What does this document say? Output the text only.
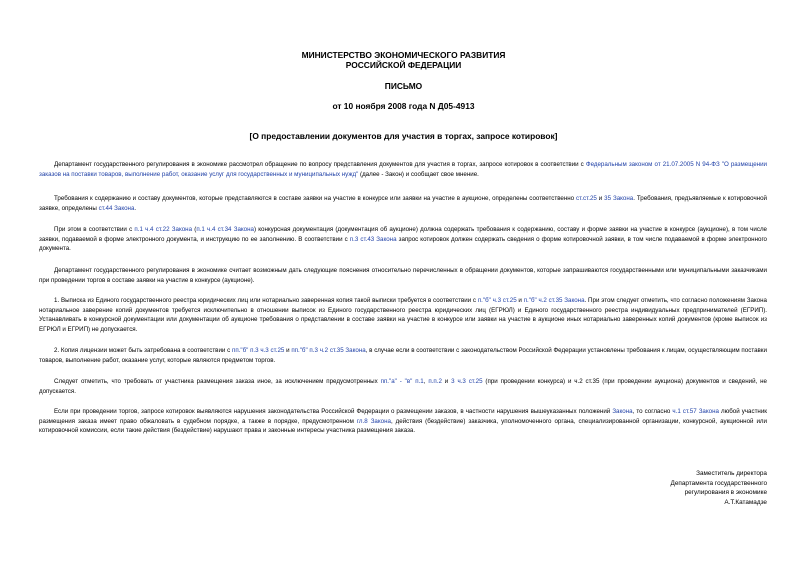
МИНИСТЕРСТВО ЭКОНОМИЧЕСКОГО РАЗВИТИЯ
РОССИЙСКОЙ ФЕДЕРАЦИИ
ПИСЬМО
от 10 ноября 2008 года N Д05-4913
[О предоставлении документов для участия в торгах, запросе котировок]
Департамент государственного регулирования в экономике рассмотрел обращение по вопросу представления документов для участия в торгах, запросе котировок в соответствии с Федеральным законом от 21.07.2005 N 94-ФЗ "О размещении заказов на поставки товаров, выполнение работ, оказание услуг для государственных и муниципальных нужд" (далее - Закон) и сообщает свое мнение.
Требования к содержанию и составу документов, которые представляются в составе заявки на участие в конкурсе или заявки на участие в аукционе, определены соответственно ст.ст.25 и 35 Закона. Требования, предъявляемые к котировочной заявке, определены ст.44 Закона.
При этом в соответствии с п.1 ч.4 ст.22 Закона (п.1 ч.4 ст.34 Закона) конкурсная документация (документация об аукционе) должна содержать требования к содержанию, составу и форме заявки на участие в конкурсе (аукционе), в том числе заявки, подаваемой в форме электронного документа, и инструкцию по ее заполнению. В соответствии с п.3 ст.43 Закона запрос котировок должен содержать сведения о форме котировочной заявки, в том числе подаваемой в форме электронного документа.
Департамент государственного регулирования в экономике считает возможным дать следующие пояснения относительно перечисленных в обращении документов, которые запрашиваются государственными или муниципальными заказчиками при проведении торгов в составе заявки на участие в конкурсе (аукционе).
1. Выписка из Единого государственного реестра юридических лиц или нотариально заверенная копия такой выписки требуется в соответствии с п."б" ч.3 ст.25 и п."б" ч.2 ст.35 Закона. При этом следует отметить, что согласно положениям Закона нотариальное заверение копий документов требуется исключительно в отношении выписок из Единого государственного реестра юридических лиц (ЕГРЮЛ) и Единого государственного реестра индивидуальных предпринимателей (ЕГРИП). Устанавливать в конкурсной документации или документации об аукционе требования о представлении в составе заявки на участие в конкурсе или заявки на участие в аукционе иных нотариально заверенных копий документов (кроме выписок из ЕГРЮЛ и ЕГРИП) не допускается.
2. Копия лицензии может быть затребована в соответствии с пп."б" п.3 ч.3 ст.25 и пп."б" п.3 ч.2 ст.35 Закона, в случае если в соответствии с законодательством Российской Федерации установлены требования к лицам, осуществляющим поставки товаров, выполнение работ, оказание услуг, которые являются предметом торгов.
Следует отметить, что требовать от участника размещения заказа иное, за исключением предусмотренных пп."а" - "в" п.1, п.п.2 и 3 ч.3 ст.25 (при проведении конкурса) и ч.2 ст.35 (при проведении аукциона) документов и сведений, не допускается.
Если при проведении торгов, запросе котировок выявляются нарушения законодательства Российской Федерации о размещении заказов, в частности нарушения вышеуказанных положений Закона, то согласно ч.1 ст.57 Закона любой участник размещения заказа имеет право обжаловать в судебном порядке, а также в порядке, предусмотренном гл.8 Закона, действия (бездействие) заказчика, уполномоченного органа, специализированной организации, конкурсной, аукционной или котировочной комиссии, если такие действия (бездействие) нарушают права и законные интересы участника размещения заказа.
Заместитель директора
Департамента государственного
регулирования в экономике
А.Т.Катамадзе
